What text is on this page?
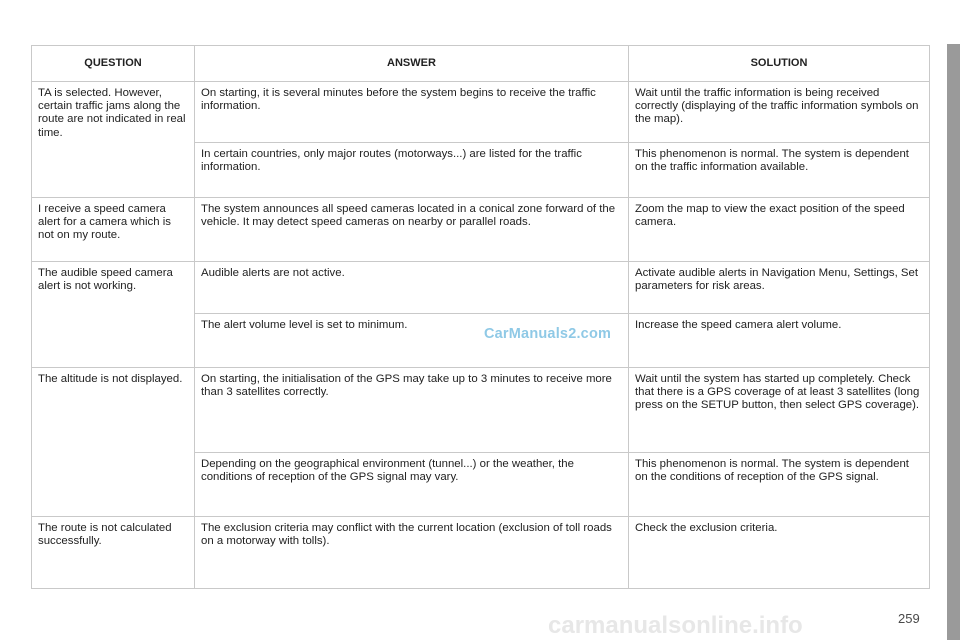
QUESTION	ANSWER	SOLUTION
TA is selected. However, certain traffic jams along the route are not indicated in real time.	On starting, it is several minutes before the system begins to receive the traffic information.	Wait until the traffic information is being received correctly (displaying of the traffic information symbols on the map).
	In certain countries, only major routes (motorways...) are listed for the traffic information.	This phenomenon is normal. The system is dependent on the traffic information available.
I receive a speed camera alert for a camera which is not on my route.	The system announces all speed cameras located in a conical zone forward of the vehicle. It may detect speed cameras on nearby or parallel roads.	Zoom the map to view the exact position of the speed camera.
The audible speed camera alert is not working.	Audible alerts are not active.	Activate audible alerts in Navigation Menu, Settings, Set parameters for risk areas.
	The alert volume level is set to minimum.	Increase the speed camera alert volume.
The altitude is not displayed.	On starting, the initialisation of the GPS may take up to 3 minutes to receive more than 3 satellites correctly.	Wait until the system has started up completely. Check that there is a GPS coverage of at least 3 satellites (long press on the SETUP button, then select GPS coverage).
	Depending on the geographical environment (tunnel...) or the weather, the conditions of reception of the GPS signal may vary.	This phenomenon is normal. The system is dependent on the conditions of reception of the GPS signal.
The route is not calculated successfully.	The exclusion criteria may conflict with the current location (exclusion of toll roads on a motorway with tolls).	Check the exclusion criteria.
CarManuals2.com
carmanualsonline.info	259
